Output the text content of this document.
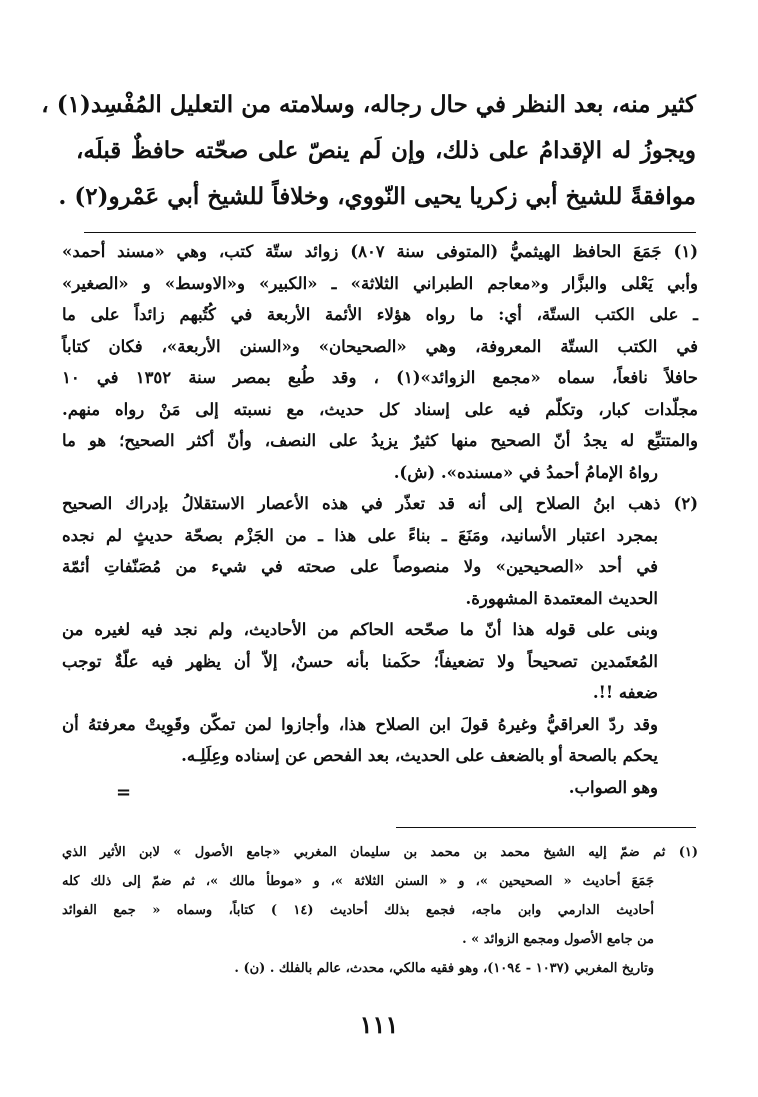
كثير منه، بعد النظر في حال رجاله، وسلامته من التعليل المُفْسِد(١) ،
ويجوزُ له الإقدامُ على ذلك، وإن لَم ينصّ على صحّته حافظٌ قبلَه،
موافقةً للشيخ أبي زكريا يحيى النّووي، وخلافاً للشيخ أبي عَمْرو(٢) .
(١) جَمَعَ الحافظ الهيثميُّ (المتوفى سنة ٨٠٧) زوائد ستّة كتب، وهي «مسند أحمد»
وأبي يَعْلى والبزَّار و«معاجم الطبراني الثلاثة» ـ «الكبير» و«الاوسط» و «الصغير»
ـ على الكتب الستّة، أي: ما رواه هؤلاء الأئمة الأربعة في كُتُبهم زائداً على ما
في الكتب الستّة المعروفة، وهي «الصحيحان» و«السنن الأربعة»، فكان كتاباً
حافلاً نافعاً، سماه «مجمع الزوائد»(١) ، وقد طُبع بمصر سنة ١٣٥٢ في ١٠
مجلّدات كبار، وتكلّم فيه على إسناد كل حديث، مع نسبته إلى مَنْ رواه منهم.
والمتتبِّع له يجدُ أنّ الصحيح منها كثيرٌ يزيدُ على النصف، وأنّ أكثر الصحيح؛ هو ما
رواهُ الإمامُ أحمدُ في «مسنده». (ش).
(٢) ذهب ابنُ الصلاح إلى أنه قد تعذّر في هذه الأعصار الاستقلالُ بإدراك الصحيح
بمجرد اعتبار الأسانيد، ومَنَعَ ـ بناءً على هذا ـ من الجَزْم بصحّة حديثٍ لم نجده
في أحد «الصحيحين» ولا منصوصاً على صحته في شيء من مُصَنّفاتِ أئمّة
الحديث المعتمدة المشهورة.
وبنى على قوله هذا أنّ ما صحّحه الحاكم من الأحاديث، ولم نجد فيه لغيره من
المُعتَمدين تصحيحاً ولا تضعيفاً؛ حكَمنا بأنه حسنٌ، إلاّ أن يظهر فيه علّةٌ توجب
ضعفه !!.
وقد ردّ العراقيُّ وغيرهُ قولَ ابن الصلاح هذا، وأجازوا لمن تمكّن وقَوِيتْ معرفتهُ أن
يحكم بالصحة أو بالضعف على الحديث، بعد الفحص عن إسناده وعِلَلِـه.
وهو الصواب.
=
(١) ثم ضمّ إليه الشيخ محمد بن محمد بن سليمان المغربي «جامع الأصول » لابن الأثير الذي
جَمَعَ أحاديث « الصحيحين »، و « السنن الثلاثة »، و «موطأ مالك »، ثم ضمّ إلى ذلك كله
أحاديث الدارمي وابن ماجه، فجمع بذلك أحاديث (١٤ ) كتاباً، وسماه « جمع الفوائد
من جامع الأصول ومجمع الزوائد » .
وتاريخ المغربي (١٠٣٧ - ١٠٩٤)، وهو فقيه مالكي، محدث، عالم بالفلك . (ن) .
١١١
